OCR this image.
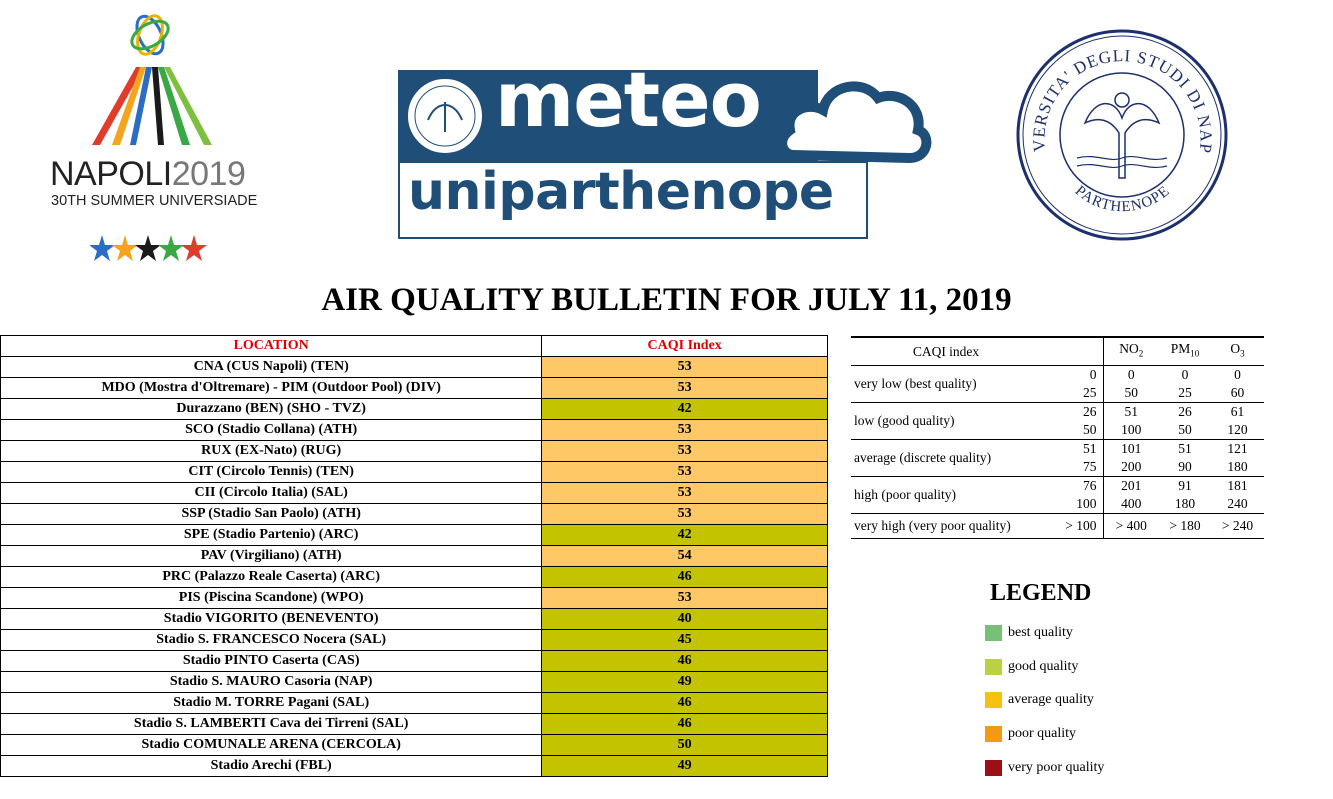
NAPOLI2019
30TH SUMMER UNIVERSIADE
meteo
uniparthenope
VERSITA' DEGLI STUDI DI NAP
PARTHENOPE
AIR QUALITY BULLETIN FOR JULY 11, 2019
LOCATION	CAQI Index
CNA (CUS Napoli) (TEN)	53
MDO (Mostra d'Oltremare) - PIM (Outdoor Pool) (DIV)	53
Durazzano (BEN) (SHO - TVZ)	42
SCO (Stadio Collana) (ATH)	53
RUX (EX-Nato) (RUG)	53
CIT (Circolo Tennis) (TEN)	53
CII (Circolo Italia) (SAL)	53
SSP (Stadio San Paolo) (ATH)	53
SPE (Stadio Partenio) (ARC)	42
PAV (Virgiliano) (ATH)	54
PRC (Palazzo Reale Caserta) (ARC)	46
PIS (Piscina Scandone) (WPO)	53
Stadio VIGORITO (BENEVENTO)	40
Stadio S. FRANCESCO Nocera (SAL)	45
Stadio PINTO Caserta (CAS)	46
Stadio S. MAURO Casoria (NAP)	49
Stadio M. TORRE Pagani (SAL)	46
Stadio S. LAMBERTI Cava dei Tirreni (SAL)	46
Stadio COMUNALE ARENA (CERCOLA)	50
Stadio Arechi (FBL)	49
CAQI index		$NO_2$	$PM_{10}$	$O_3$
very low (best quality)	0	0	0	0
	25	50	25	60
low (good quality)	26	51	26	61
	50	100	50	120
average (discrete quality)	51	101	51	121
	75	200	90	180
high (poor quality)	76	201	91	181
	100	400	180	240
very high (very poor quality)	> 100	> 400	> 180	> 240
LEGEND
best quality
good quality
average quality
poor quality
very poor quality
